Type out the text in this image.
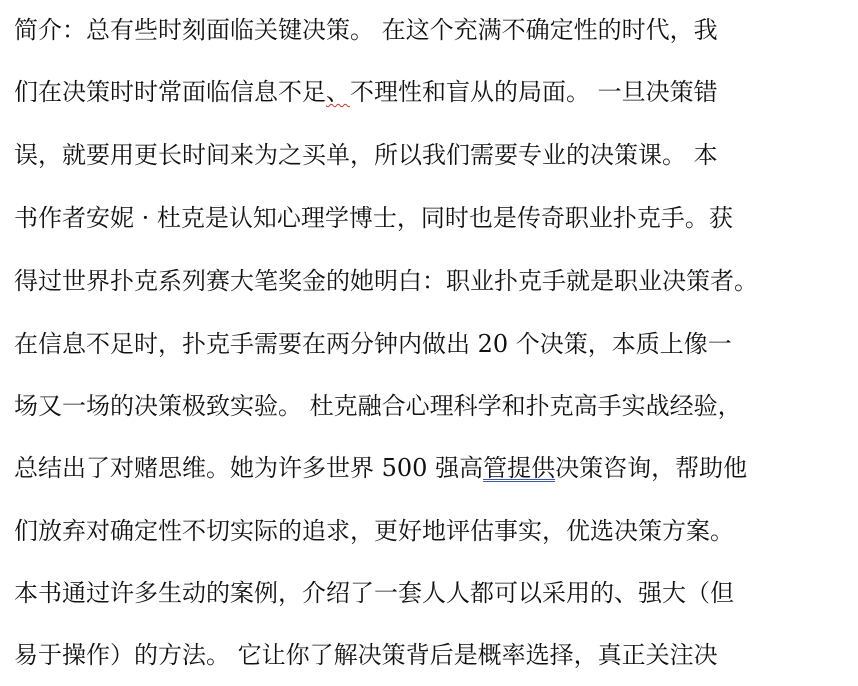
简介：总有些时刻面临关键决策。 在这个充满不确定性的时代，我
们在决策时时常面临信息不足、不理性和盲从的局面。 一旦决策错
误，就要用更长时间来为之买单，所以我们需要专业的决策课。 本
书作者安妮 · 杜克是认知心理学博士，同时也是传奇职业扑克手。获
得过世界扑克系列赛大笔奖金的她明白：职业扑克手就是职业决策者。
在信息不足时，扑克手需要在两分钟内做出 20 个决策，本质上像一
场又一场的决策极致实验。 杜克融合心理科学和扑克高手实战经验，
总结出了对赌思维。她为许多世界 500 强高管提供决策咨询，帮助他
们放弃对确定性不切实际的追求，更好地评估事实，优选决策方案。
本书通过许多生动的案例，介绍了一套人人都可以采用的、强大（但
易于操作）的方法。 它让你了解决策背后是概率选择，真正关注决
